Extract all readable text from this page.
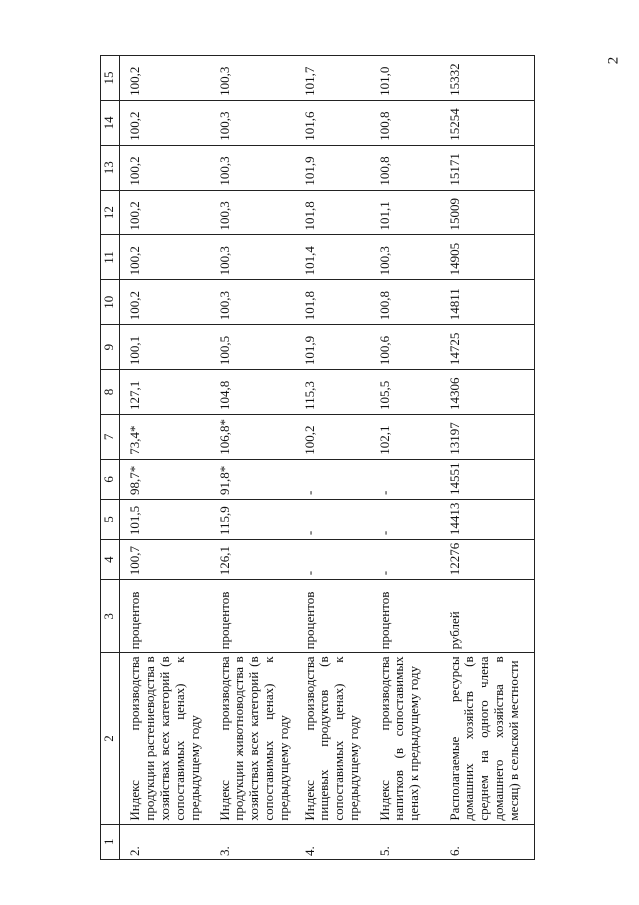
2
1	2	3	4	5	6	7	8	9	10	11	12	13	14	15
2.	Индекс производства продукции растениеводства в хозяйствах всех категорий (в сопоставимых ценах) к предыдущему году	процентов	100,7	101,5	98,7*	73,4*	127,1	100,1	100,2	100,2	100,2	100,2	100,2	100,2
3.	Индекс производства продукции животноводства в хозяйствах всех категорий (в сопоставимых ценах) к предыдущему году	процентов	126,1	115,9	91,8*	106,8*	104,8	100,5	100,3	100,3	100,3	100,3	100,3	100,3
4.	Индекс производства пищевых продуктов (в сопоставимых ценах) к предыдущему году	процентов	-	-	-	100,2	115,3	101,9	101,8	101,4	101,8	101,9	101,6	101,7
5.	Индекс производства напитков (в сопоставимых ценах) к предыдущему году	процентов	-	-	-	102,1	105,5	100,6	100,8	100,3	101,1	100,8	100,8	101,0
6.	Располагаемые ресурсы домашних хозяйств (в среднем на одного члена домашнего хозяйства в месяц) в сельской местности	рублей	12276	14413	14551	13197	14306	14725	14811	14905	15009	15171	15254	15332
